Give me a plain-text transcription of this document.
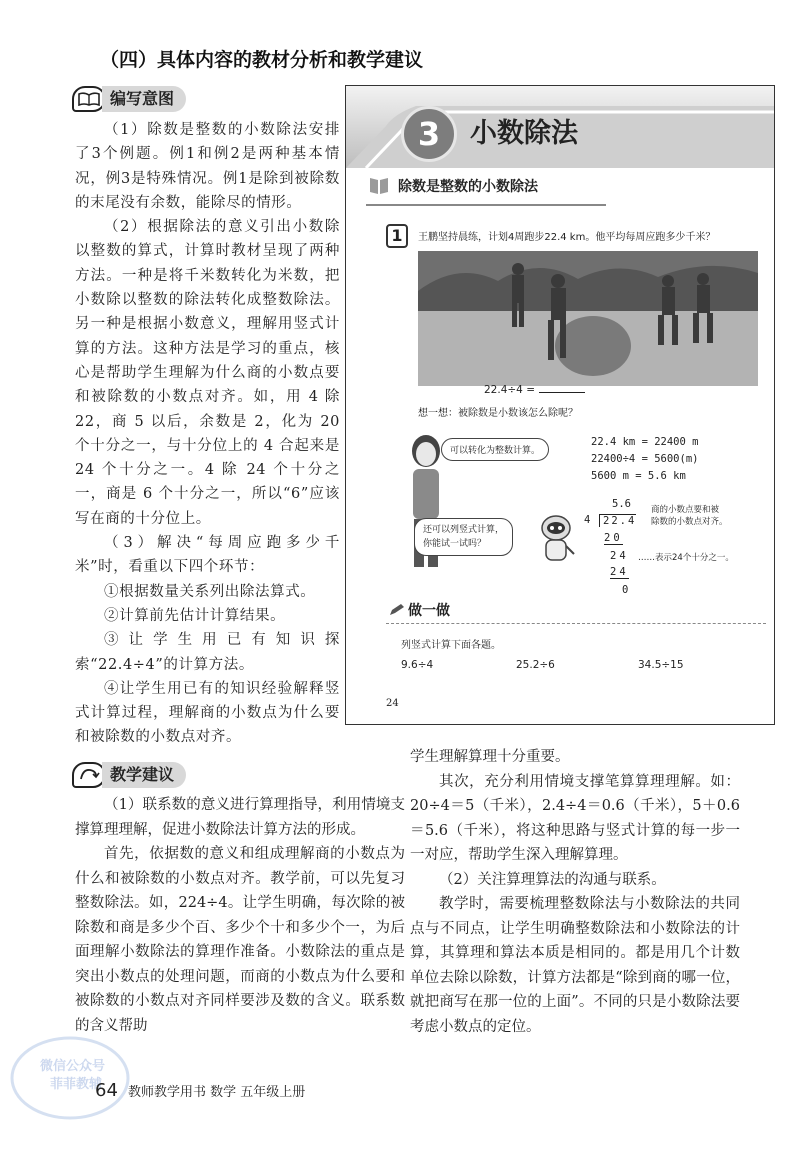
（四）具体内容的教材分析和教学建议
编写意图

（1）除数是整数的小数除法安排了3个例题。例1和例2是两种基本情况，例3是特殊情况。例1是除到被除数的末尾没有余数，能除尽的情形。

（2）根据除法的意义引出小数除以整数的算式，计算时教材呈现了两种方法。一种是将千米数转化为米数，把小数除以整数的除法转化成整数除法。另一种是根据小数意义，理解用竖式计算的方法。这种方法是学习的重点，核心是帮助学生理解为什么商的小数点要和被除数的小数点对齐。如，用 4 除 22，商 5 以后，余数是 2，化为 20 个十分之一，与十分位上的 4 合起来是 24 个十分之一。4 除 24 个十分之一，商是 6 个十分之一，所以“6”应该写在商的十分位上。

（3）解决“每周应跑多少千米”时，看重以下四个环节：

①根据数量关系列出除法算式。

②计算前先估计计算结果。

③让学生用已有知识探索“22.4÷4”的计算方法。

④让学生用已有的知识经验解释竖式计算过程，理解商的小数点为什么要和被除数的小数点对齐。

3	小数除法
除数是整数的小数除法
1	王鹏坚持晨练，计划4周跑步22.4 km。他平均每周应跑多少千米？
22.4÷4 =
想一想：被除数是小数该怎么除呢？
可以转化为整数计算。
还可以列竖式计算，
你能试一试吗？
22.4 km = 22400 m
22400÷4 = 5600(m)
5600 m = 5.6 km
5.6
4	22.4
20
24
24
0
商的小数点要和被
除数的小数点对齐。
……表示24个十分之一。
做一做
列竖式计算下面各题。
9.6÷4	25.2÷6	34.5÷15
24
教学建议

（1）联系数的意义进行算理指导，利用情境支撑算理理解，促进小数除法计算方法的形成。

首先，依据数的意义和组成理解商的小数点为什么和被除数的小数点对齐。教学前，可以先复习整数除法。如，224÷4。让学生明确，每次除的被除数和商是多少个百、多少个十和多少个一，为后面理解小数除法的算理作准备。小数除法的重点是突出小数点的处理问题，而商的小数点为什么要和被除数的小数点对齐同样要涉及数的含义。联系数的含义帮助

学生理解算理十分重要。

其次，充分利用情境支撑笔算算理理解。如：20÷4＝5（千米），2.4÷4＝0.6（千米），5＋0.6＝5.6（千米），将这种思路与竖式计算的每一步一一对应，帮助学生深入理解算理。

（2）关注算理算法的沟通与联系。

教学时，需要梳理整数除法与小数除法的共同点与不同点，让学生明确整数除法和小数除法的计算，其算理和算法本质是相同的。都是用几个计数单位去除以除数，计算方法都是“除到商的哪一位，就把商写在那一位的上面”。不同的只是小数除法要考虑小数点的定位。

微信公众号
菲菲教辅
64 教师教学用书 数学 五年级上册
